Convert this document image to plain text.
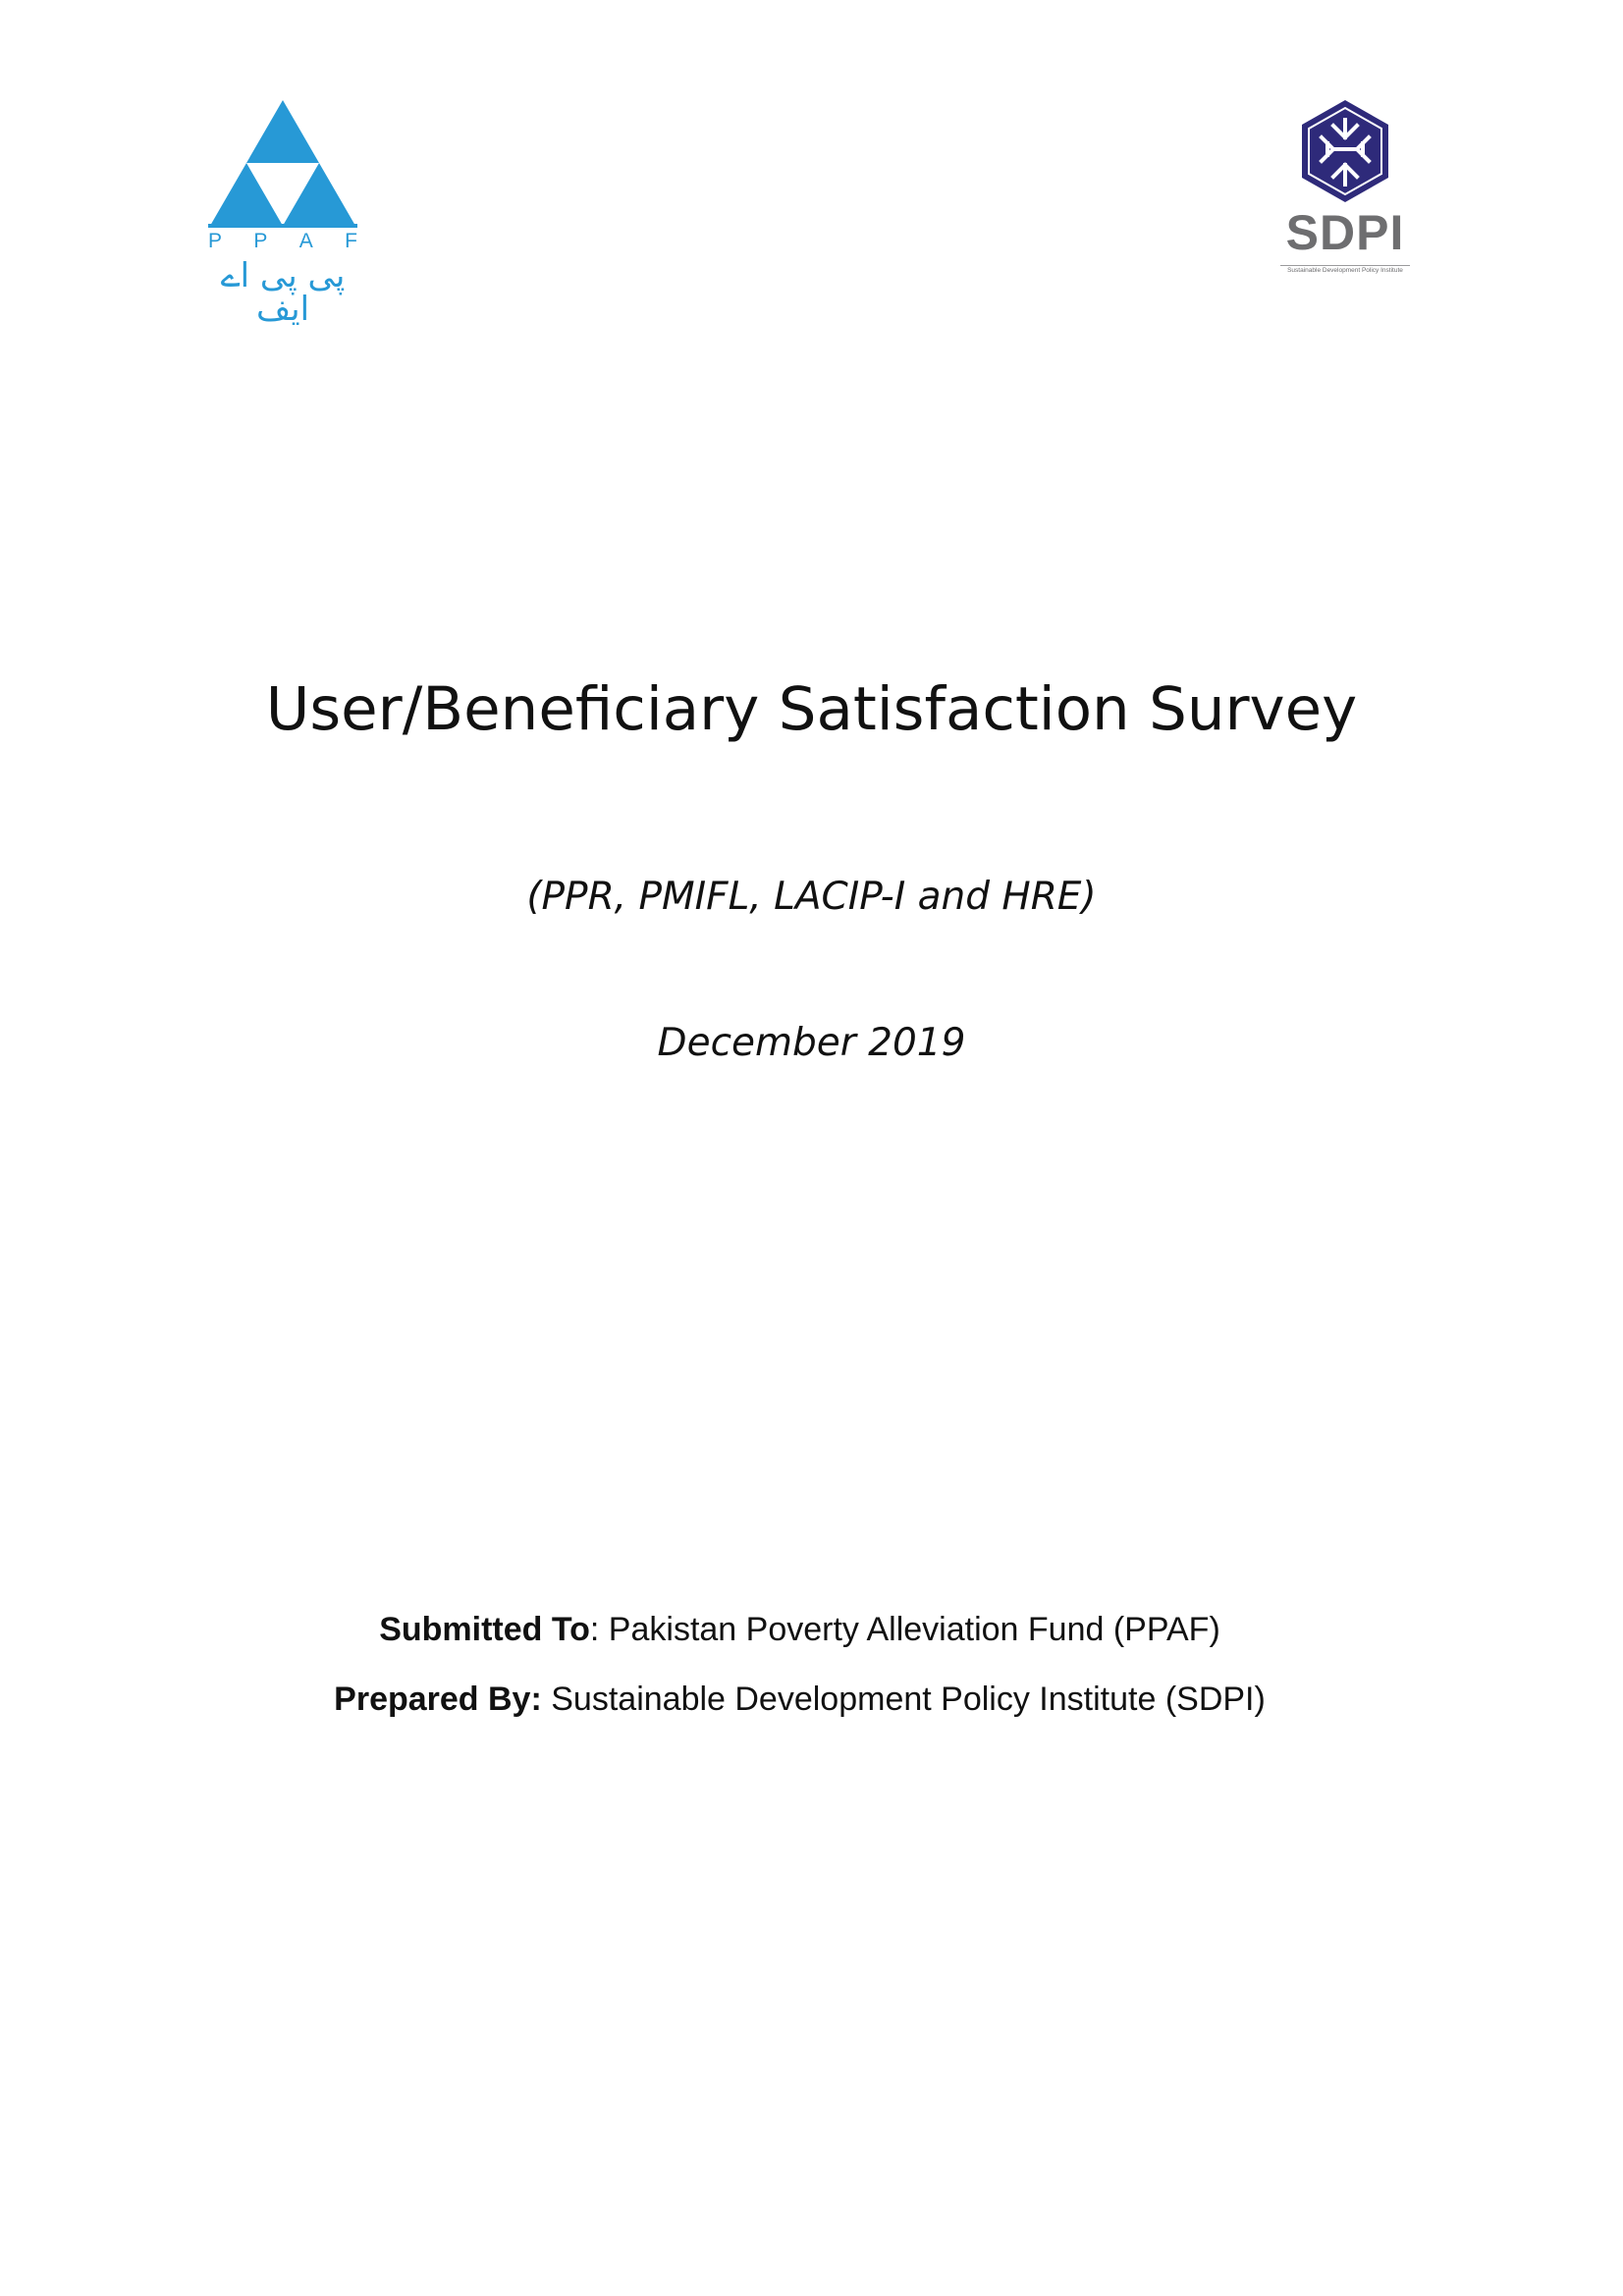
P P A F
پی پی اے ایف
SDPI
Sustainable Development Policy Institute
User/Beneficiary Satisfaction Survey
(PPR, PMIFL, LACIP-I and HRE)
December 2019
Submitted To: Pakistan Poverty Alleviation Fund (PPAF)
Prepared By: Sustainable Development Policy Institute (SDPI)
